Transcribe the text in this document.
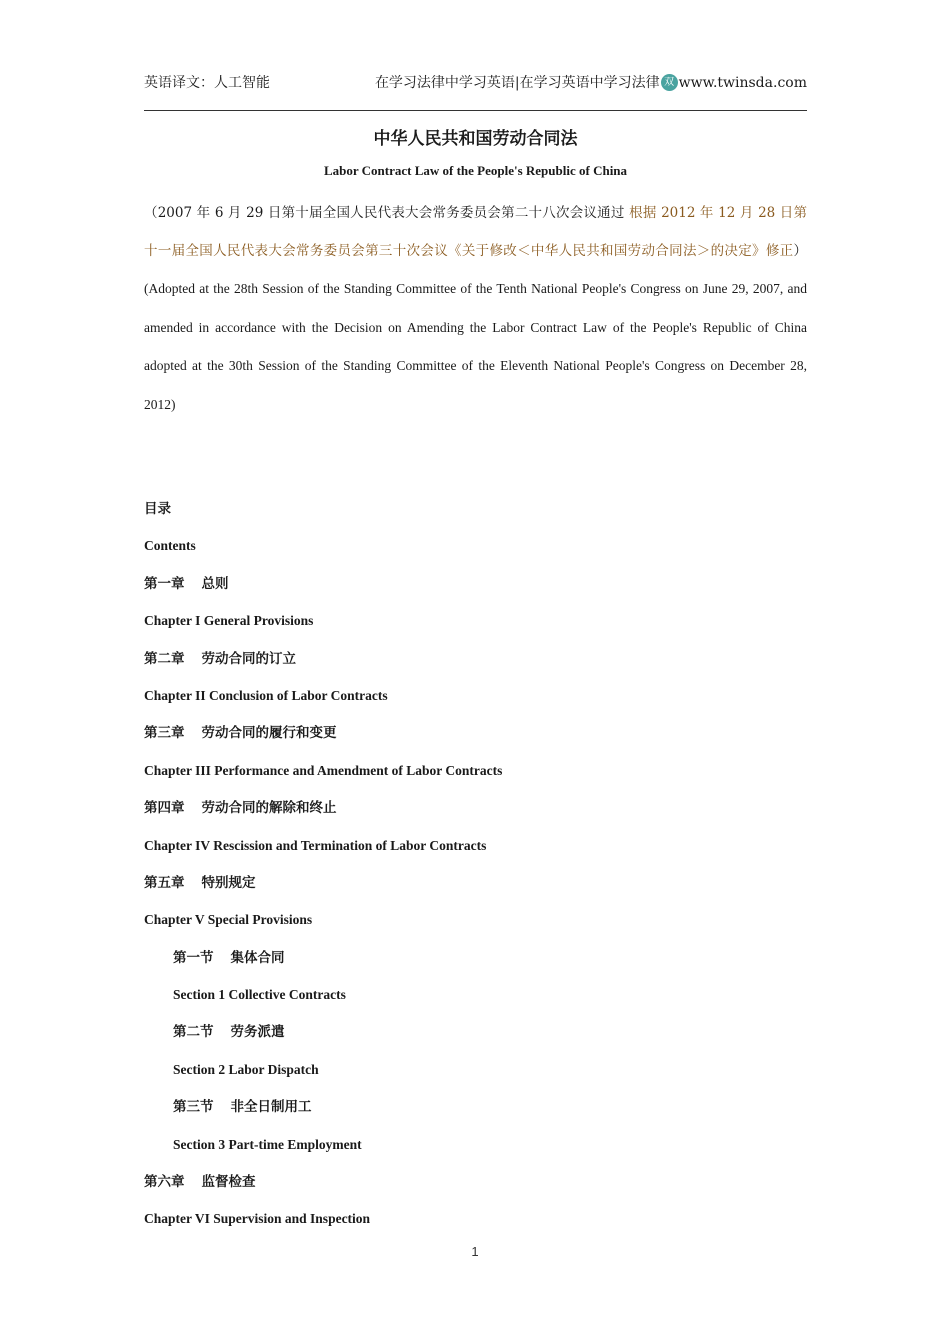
英语译文：人工智能	在学习法律中学习英语|在学习英语中学习法律 双 www.twinsda.com
中华人民共和国劳动合同法
Labor Contract Law of the People's Republic of China
（2007 年 6 月 29 日第十届全国人民代表大会常务委员会第二十八次会议通过 根据 2012 年 12 月 28 日第十一届全国人民代表大会常务委员会第三十次会议《关于修改＜中华人民共和国劳动合同法＞的决定》修正）(Adopted at the 28th Session of the Standing Committee of the Tenth National People's Congress on June 29, 2007, and amended in accordance with the Decision on Amending the Labor Contract Law of the People's Republic of China adopted at the 30th Session of the Standing Committee of the Eleventh National People's Congress on December 28, 2012)
目录
Contents
第一章 总则
Chapter I General Provisions
第二章 劳动合同的订立
Chapter II Conclusion of Labor Contracts
第三章 劳动合同的履行和变更
Chapter III Performance and Amendment of Labor Contracts
第四章 劳动合同的解除和终止
Chapter IV Rescission and Termination of Labor Contracts
第五章 特别规定
Chapter V Special Provisions
第一节 集体合同
Section 1 Collective Contracts
第二节 劳务派遣
Section 2 Labor Dispatch
第三节 非全日制用工
Section 3 Part-time Employment
第六章 监督检查
Chapter VI Supervision and Inspection
1
